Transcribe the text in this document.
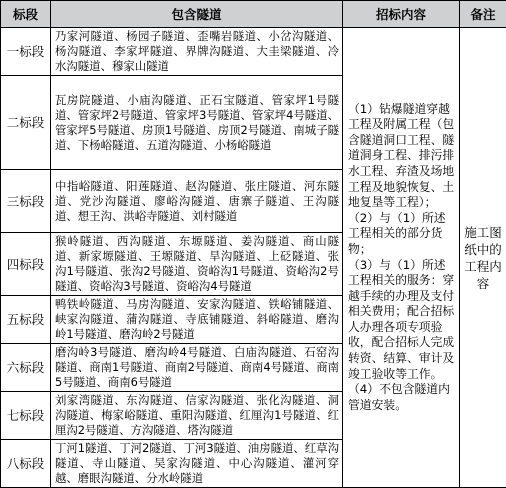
标段	包含隧道	招标内容	备注
一标段	乃家河隧道、杨园子隧道、歪嘴岩隧道、小岔沟隧道、杨沟隧道、李家坪隧道、界牌沟隧道、大圭梁隧道、冷水沟隧道、穆家山隧道	（1）钻爆隧道穿越工程及附属工程（包含隧道洞口工程、隧道洞身工程、排污排水工程、弃渣及场地工程及地貌恢复、土地复垦等工程）；

（2）与（1）所述工程相关的部分货物；

（3）与（1）所述工程相关的服务：穿越手续的办理及支付相关费用；配合招标人办理各项专项验收，配合招标人完成转资、结算、审计及竣工验收等工作。

（4）不包含隧道内管道安装。	施工图纸中的工程内容
二标段	瓦房院隧道、小庙沟隧道、正石宝隧道、管家坪1号隧道、管家坪2号隧道、管家坪3号隧道、管家坪4号隧道、管家坪5号隧道、房顶1号隧道、房顶2号隧道、南城子隧道、下杨峪隧道、五道沟隧道、小杨峪隧道		
三标段	中指峪隧道、阳莲隧道、赵沟隧道、张庄隧道、河东隧道、党沙沟隧道、廖峪沟隧道、唐寨子隧道、王沟隧道、想王沟、洪峪寺隧道、刘村隧道		
四标段	猴岭隧道、西沟隧道、东塬隧道、姜沟隧道、商山隧道、新家塬隧道、王塬隧道、旱沟隧道、上砭隧道、张沟1号隧道、张沟2号隧道、资峪沟1号隧道、资峪沟2号隧道、资峪沟3号隧道、资峪沟4号隧道		
五标段	鸭铁岭隧道、马房沟隧道、安家沟隧道、铁峪铺隧道、峡家沟隧道、蒲沟隧道、寺底铺隧道、斜峪隧道、磨沟岭1号隧道、磨沟岭2号隧道		
六标段	磨沟岭3号隧道、磨沟岭4号隧道、白庙沟隧道、石窑沟隧道、商南1号隧道、商南2号隧道、商南4号隧道、商南5号隧道、商南6号隧道		
七标段	刘家湾隧道、东沟隧道、信家沟隧道、张化沟隧道、洞沟隧道、梅家峪隧道、重阳沟隧道、红厘沟1号隧道、红厘沟2号隧道、方沟隧道、塔沟隧道		
八标段	丁河1隧道、丁河2隧道、丁河3隧道、油房隧道、红草沟隧道、寺山隧道、吴家沟隧道、中心沟隧道、灌河穿越、磨眼沟隧道、分水岭隧道		
